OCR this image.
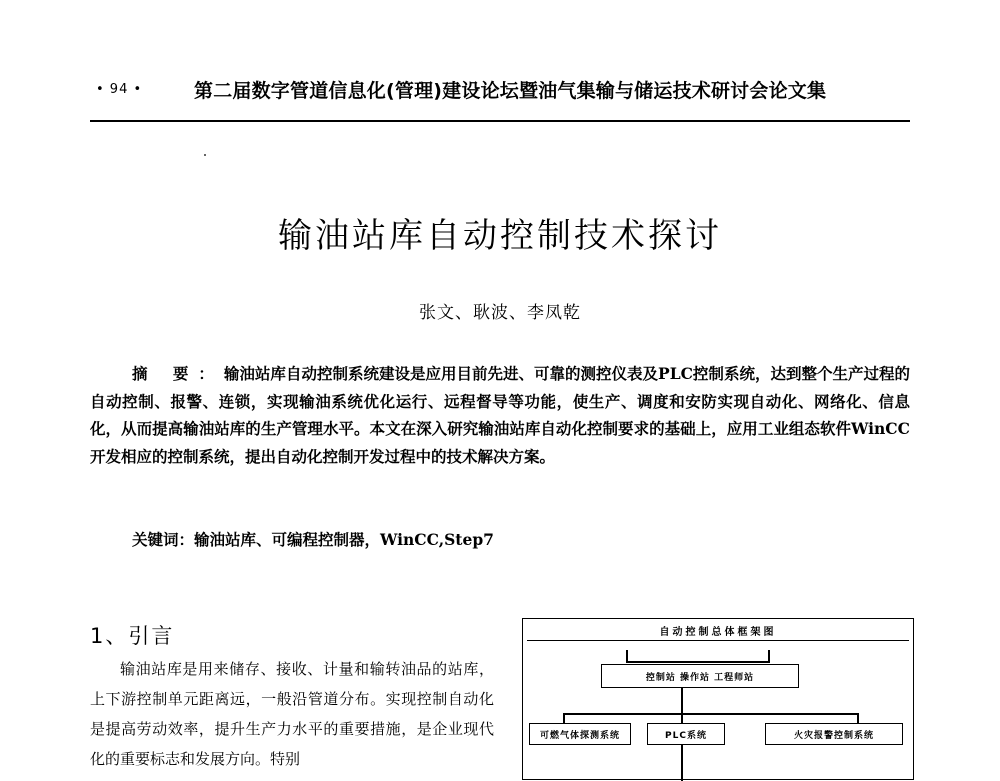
• 94 •	第二届数字管道信息化(管理)建设论坛暨油气集输与储运技术研讨会论文集
输油站库自动控制技术探讨
张文、耿波、李凤乾

摘 要：输油站库自动控制系统建设是应用目前先进、可靠的测控仪表及PLC控制系统，达到整个生产过程的自动控制、报警、连锁，实现输油系统优化运行、远程督导等功能，使生产、调度和安防实现自动化、网络化、信息化，从而提高输油站库的生产管理水平。本文在深入研究输油站库自动化控制要求的基础上，应用工业组态软件WinCC开发相应的控制系统，提出自动化控制开发过程中的技术解决方案。

关键词：输油站库、可编程控制器，WinCC,Step7
1、引言

输油站库是用来储存、接收、计量和输转油品的站库，上下游控制单元距离远，一般沿管道分布。实现控制自动化是提高劳动效率，提升生产力水平的重要措施，是企业现代化的重要标志和发展方向。特别

自动控制总体框架图
控制站 操作站 工程师站
可燃气体探测系统	PLC系统	火灾报警控制系统
